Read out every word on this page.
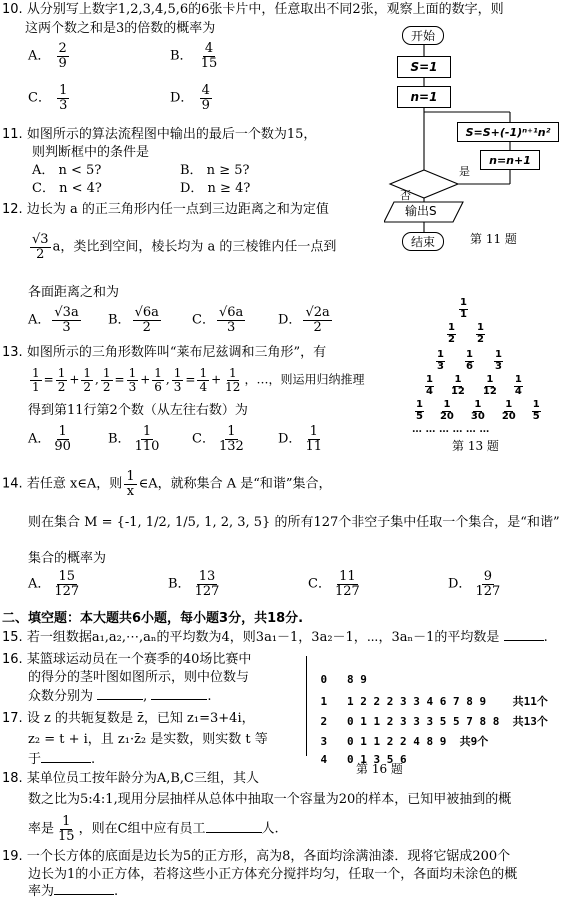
10. 从分别写上数字1,2,3,4,5,6的6张卡片中，任意取出不同2张，观察上面的数字，则
这两个数之和是3的倍数的概率为
A． $\frac{2}{9}$	B． $\frac{4}{15}$
C． $\frac{1}{3}$	D． $\frac{4}{9}$
11. 如图所示的算法流程图中输出的最后一个数为15，
则判断框中的条件是
A． n < 5?	B． n ≥ 5?
C． n < 4?	D． n ≥ 4?
开始
S=1
n=1
S=S+(-1)ⁿ⁺¹n²
n=n+1
是
否
输出S
结束	第 11 题
12. 边长为 a 的正三角形内任一点到三边距离之和为定值
$\frac{√3}{2}$ a，类比到空间，棱长均为 a 的三棱锥内任一点到
各面距离之和为
A． $\frac{√3a}{3}$ B． $\frac{√6a}{2}$ C． $\frac{√6a}{3}$	D． $\frac{√2a}{2}$	$\frac{1}{1}$
$\frac{1}{2} \frac{1}{2}$
$\frac{1}{3} \frac{1}{6} \frac{1}{3}$
$\frac{1}{4} \frac{1}{12} \frac{1}{12} \frac{1}{4}$
$\frac{1}{5} \frac{1}{20} \frac{1}{30} \frac{1}{20} \frac{1}{5}$
… … … … … …
第 13 题
13. 如图所示的三角形数阵叫“莱布尼兹调和三角形”，有
$\frac{1}{1} = \frac{1}{2} + \frac{1}{2}$ , $\frac{1}{2} = \frac{1}{3} + \frac{1}{6}$ , $\frac{1}{3} = \frac{1}{4} + \frac{1}{12}$ ，…，则运用归纳推理
得到第11行第2个数（从左往右数）为
A． $\frac{1}{90}$	B． $\frac{1}{110}$ C． $\frac{1}{132}$ D． $\frac{1}{11}$
14. 若任意 x∈A，则 $\frac{1}{x}$ ∈A，就称集合 A 是“和谐”集合，
则在集合 M = {-1, 1/2, 1/5, 1, 2, 3, 5} 的所有127个非空子集中任取一个集合，是“和谐”
集合的概率为
A． $\frac{15}{127}$	B． $\frac{13}{127}$	C． $\frac{11}{127}$	D． $\frac{9}{127}$
二、填空题：本大题共6小题，每小题3分，共18分.
15. 若一组数据a₁,a₂,⋯,aₙ的平均数为4，则3a₁－1，3a₂－1，⋯，3aₙ－1的平均数是	.
16. 某篮球运动员在一个赛季的40场比赛中
的得分的茎叶图如图所示，则中位数与
众数分别为	,	.

0 8 9

1 1 2 2 2 3 3 4 6 7 8 9 共11个

2 0 1 1 2 3 3 3 5 5 7 8 8 共13个

3 0 1 1 2 2 4 8 9 共9个

4 0 1 3 5 6

第 16 题
17. 设 z 的共轭复数是 z̄，已知 z₁=3+4i，
z₂ = t + i，且 z₁·z̄₂ 是实数，则实数 t 等
于	.
18. 某单位员工按年龄分为A,B,C三组，其人
数之比为5:4:1,现用分层抽样从总体中抽取一个容量为20的样本，已知甲被抽到的概
率是 $\frac{1}{15}$ ，则在C组中应有员工	人.
19. 一个长方体的底面是边长为5的正方形，高为8，各面均涂满油漆．现将它锯成200个
边长为1的小正方体，若将这些小正方体充分搅拌均匀，任取一个，各面均未涂色的概
率为	.
